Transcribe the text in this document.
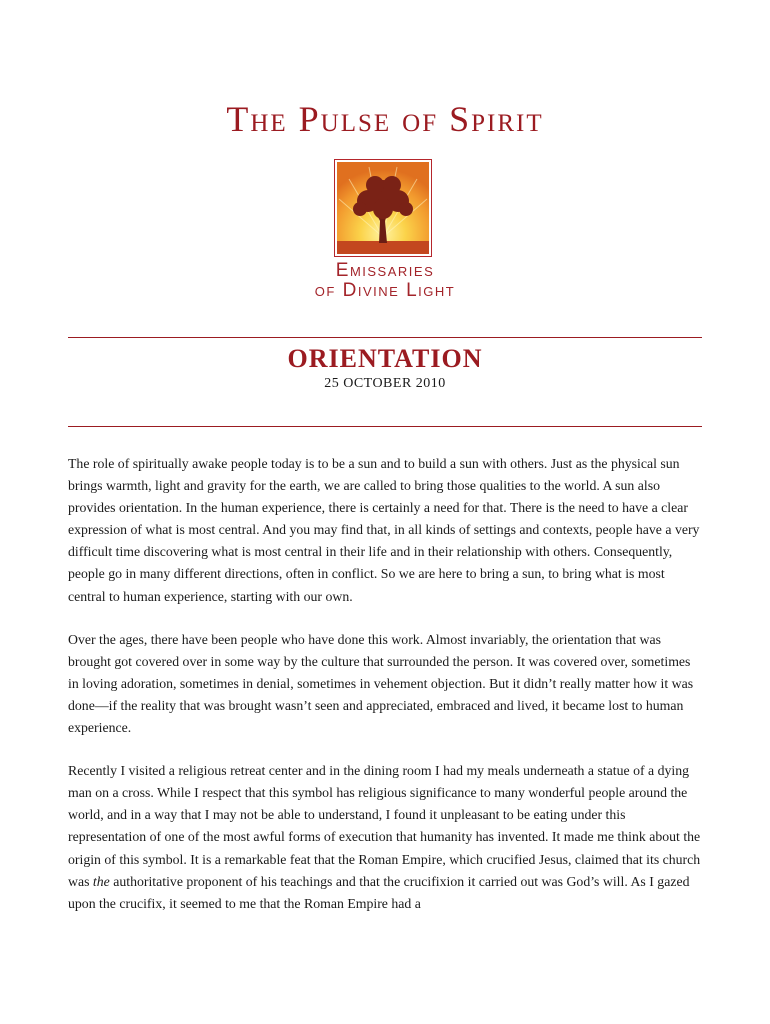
The Pulse of Spirit
Emissaries
of Divine Light
ORIENTATION
25 OCTOBER 2010

The role of spiritually awake people today is to be a sun and to build a sun with others. Just as the physical sun brings warmth, light and gravity for the earth, we are called to bring those qualities to the world. A sun also provides orientation. In the human experience, there is certainly a need for that. There is the need to have a clear expression of what is most central. And you may find that, in all kinds of settings and contexts, people have a very difficult time discovering what is most central in their life and in their relationship with others. Consequently, people go in many different directions, often in conflict. So we are here to bring a sun, to bring what is most central to human experience, starting with our own.

Over the ages, there have been people who have done this work. Almost invariably, the orientation that was brought got covered over in some way by the culture that surrounded the person. It was covered over, sometimes in loving adoration, sometimes in denial, sometimes in vehement objection. But it didn’t really matter how it was done—if the reality that was brought wasn’t seen and appreciated, embraced and lived, it became lost to human experience.

Recently I visited a religious retreat center and in the dining room I had my meals underneath a statue of a dying man on a cross. While I respect that this symbol has religious significance to many wonderful people around the world, and in a way that I may not be able to understand, I found it unpleasant to be eating under this representation of one of the most awful forms of execution that humanity has invented. It made me think about the origin of this symbol. It is a remarkable feat that the Roman Empire, which crucified Jesus, claimed that its church was the authoritative proponent of his teachings and that the crucifixion it carried out was God’s will. As I gazed upon the crucifix, it seemed to me that the Roman Empire had a
